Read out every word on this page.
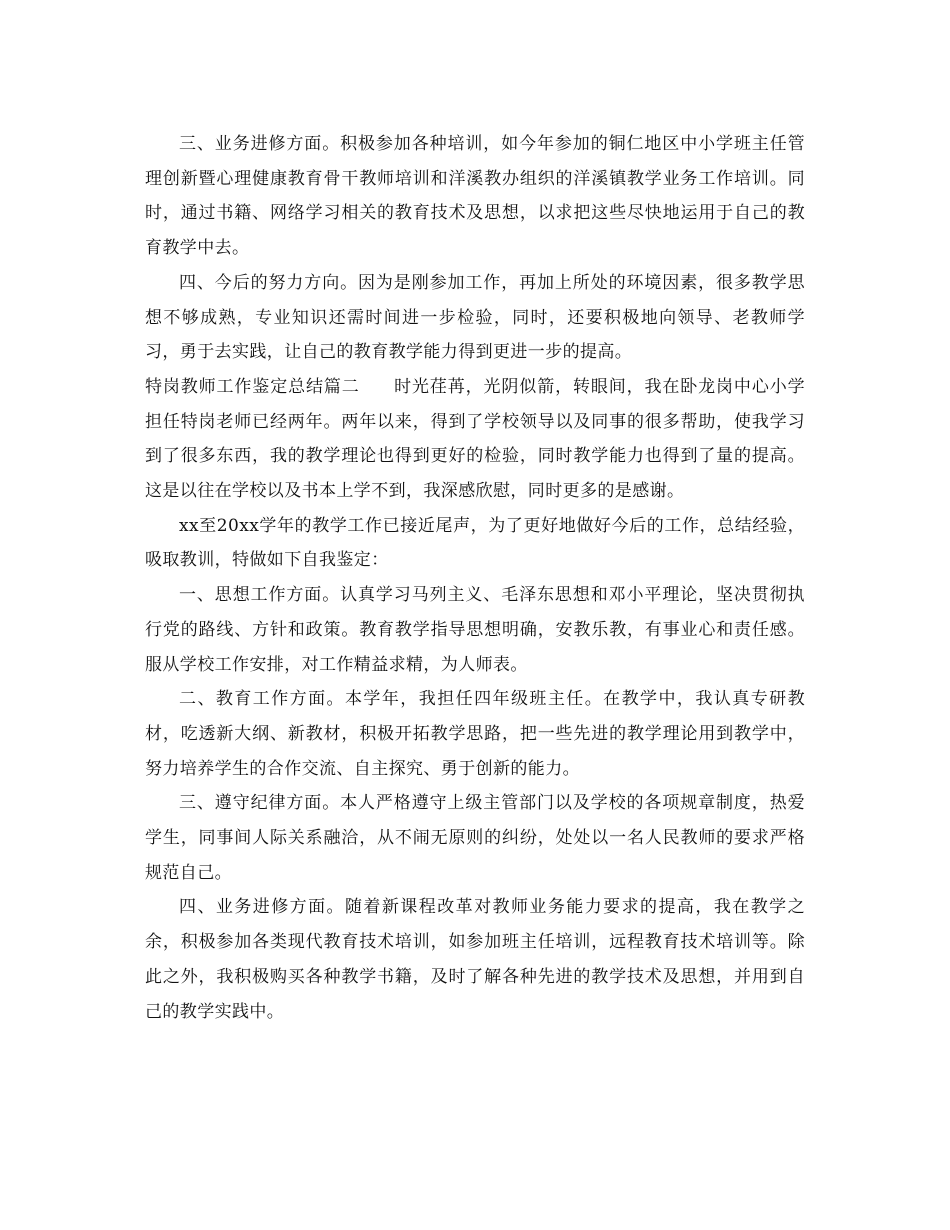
三、业务进修方面。积极参加各种培训，如今年参加的铜仁地区中小学班主任管理创新暨心理健康教育骨干教师培训和洋溪教办组织的洋溪镇教学业务工作培训。同时，通过书籍、网络学习相关的教育技术及思想，以求把这些尽快地运用于自己的教育教学中去。

四、今后的努力方向。因为是刚参加工作，再加上所处的环境因素，很多教学思想不够成熟，专业知识还需时间进一步检验，同时，还要积极地向领导、老教师学习，勇于去实践，让自己的教育教学能力得到更进一步的提高。

特岗教师工作鉴定总结篇二 时光荏苒，光阴似箭，转眼间，我在卧龙岗中心小学担任特岗老师已经两年。两年以来，得到了学校领导以及同事的很多帮助，使我学习到了很多东西，我的教学理论也得到更好的检验，同时教学能力也得到了量的提高。这是以往在学校以及书本上学不到，我深感欣慰，同时更多的是感谢。

xx至20xx学年的教学工作已接近尾声，为了更好地做好今后的工作，总结经验，吸取教训，特做如下自我鉴定：

一、思想工作方面。认真学习马列主义、毛泽东思想和邓小平理论，坚决贯彻执行党的路线、方针和政策。教育教学指导思想明确，安教乐教，有事业心和责任感。服从学校工作安排，对工作精益求精，为人师表。

二、教育工作方面。本学年，我担任四年级班主任。在教学中，我认真专研教材，吃透新大纲、新教材，积极开拓教学思路，把一些先进的教学理论用到教学中，努力培养学生的合作交流、自主探究、勇于创新的能力。

三、遵守纪律方面。本人严格遵守上级主管部门以及学校的各项规章制度，热爱学生，同事间人际关系融洽，从不闹无原则的纠纷，处处以一名人民教师的要求严格规范自己。

四、业务进修方面。随着新课程改革对教师业务能力要求的提高，我在教学之余，积极参加各类现代教育技术培训，如参加班主任培训，远程教育技术培训等。除此之外，我积极购买各种教学书籍，及时了解各种先进的教学技术及思想，并用到自己的教学实践中。
